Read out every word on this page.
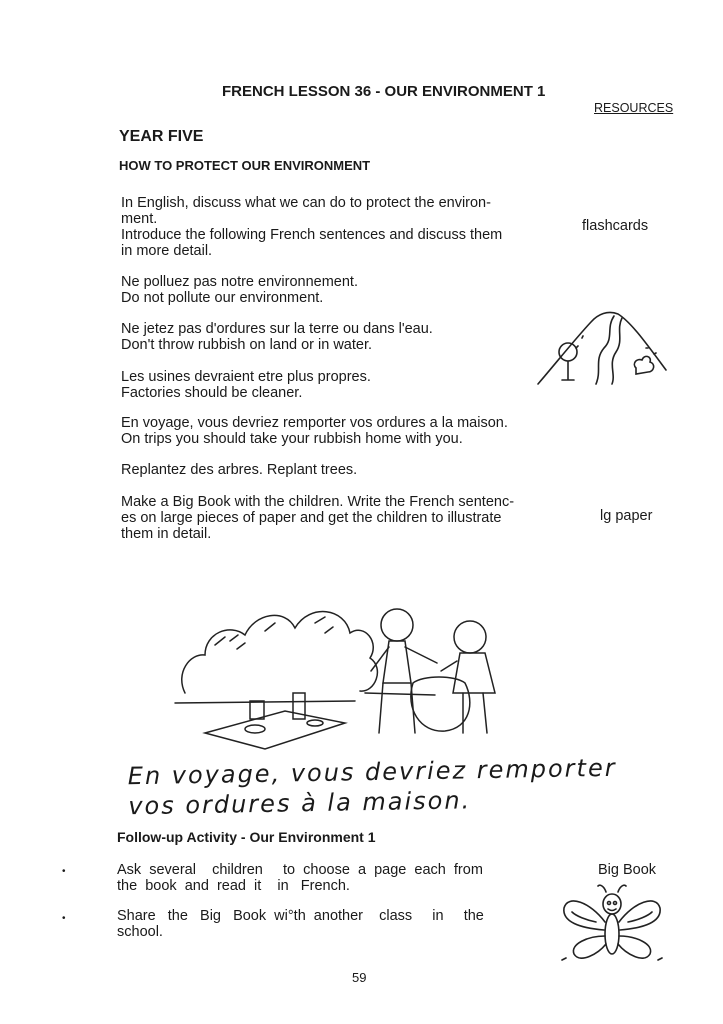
FRENCH LESSON 36 - OUR ENVIRONMENT 1
RESOURCES
YEAR FIVE
HOW TO PROTECT OUR ENVIRONMENT
In English, discuss what we can do to protect the environ-
ment.
Introduce the following French sentences and discuss them
in more detail.
Ne polluez pas notre environnement.
Do not pollute our environment.
Ne jetez pas d'ordures sur la terre ou dans l'eau.
Don't throw rubbish on land or in water.
Les usines devraient etre plus propres.
Factories should be cleaner.
En voyage, vous devriez remporter vos ordures a la maison.
On trips you should take your rubbish home with you.
Replantez des arbres. Replant trees.
Make a Big Book with the children. Write the French sentenc-
es on large pieces of paper and get the children to illustrate
them in detail.
flashcards
lg paper
Big Book
En voyage, vous devriez remporter
vos ordures à la maison.
Follow-up Activity - Our Environment 1
•	Ask  several    children     to  choose  a  page  each  from
the  book  and  read  it    in   French.
•	Share   the   Big   Book  wi°th  another    class     in     the
school.
59
